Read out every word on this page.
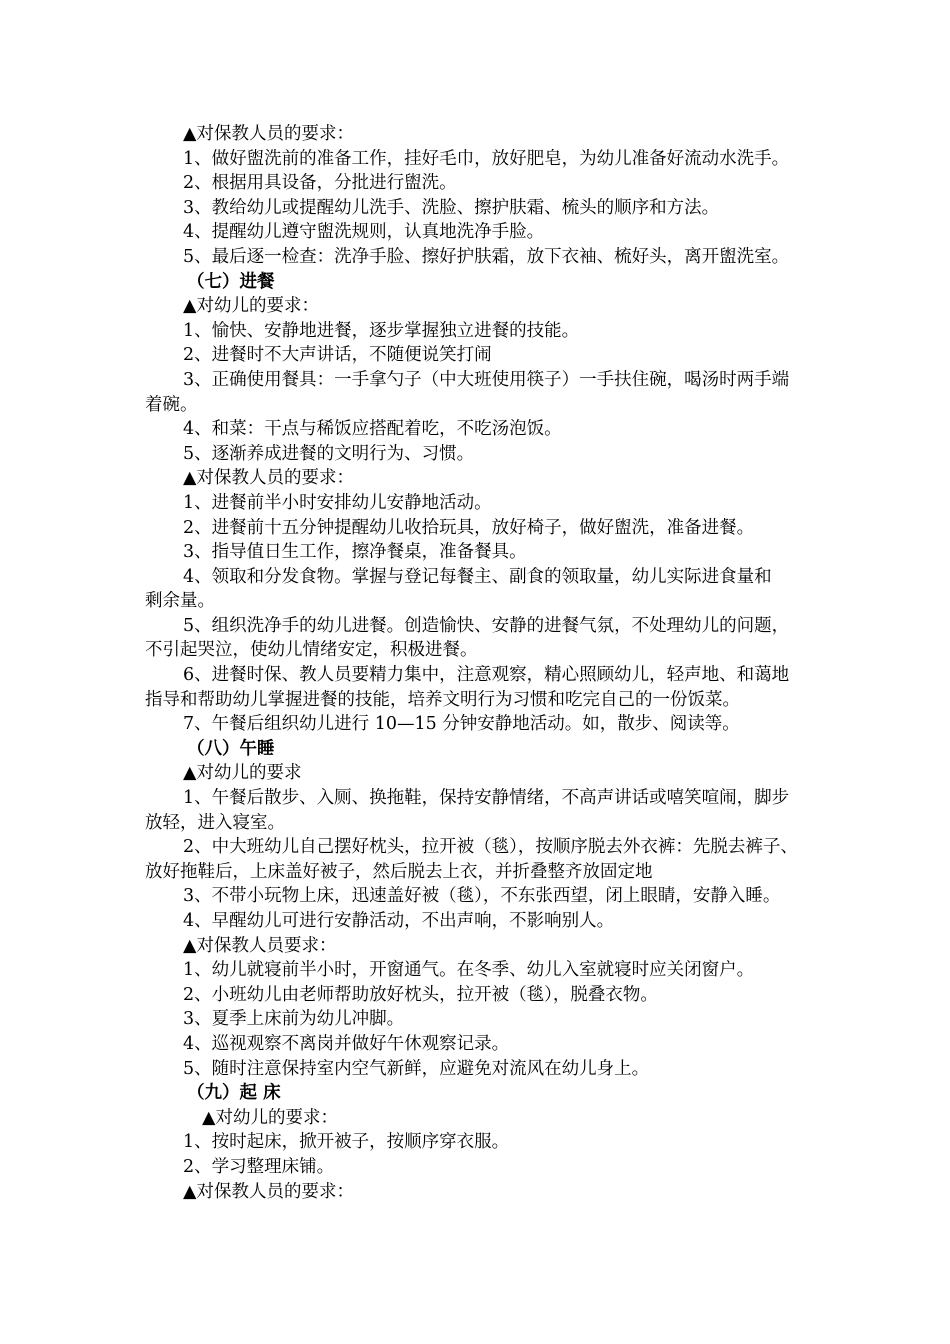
▲对保教人员的要求：
1、做好盥洗前的准备工作，挂好毛巾，放好肥皂，为幼儿准备好流动水洗手。
2、根据用具设备，分批进行盥洗。
3、教给幼儿或提醒幼儿洗手、洗脸、擦护肤霜、梳头的顺序和方法。
4、提醒幼儿遵守盥洗规则，认真地洗净手脸。
5、最后逐一检查：洗净手脸、擦好护肤霜，放下衣袖、梳好头，离开盥洗室。
（七）进餐
▲对幼儿的要求：
1、愉快、安静地进餐，逐步掌握独立进餐的技能。
2、进餐时不大声讲话，不随便说笑打闹
3、正确使用餐具：一手拿勺子（中大班使用筷子）一手扶住碗，喝汤时两手端
着碗。
4、和菜：干点与稀饭应搭配着吃，不吃汤泡饭。
5、逐渐养成进餐的文明行为、习惯。
▲对保教人员的要求：
1、进餐前半小时安排幼儿安静地活动。
2、进餐前十五分钟提醒幼儿收拾玩具，放好椅子，做好盥洗，准备进餐。
3、指导值日生工作，擦净餐桌，准备餐具。
4、领取和分发食物。掌握与登记每餐主、副食的领取量，幼儿实际进食量和
剩余量。
5、组织洗净手的幼儿进餐。创造愉快、安静的进餐气氛，不处理幼儿的问题，
不引起哭泣，使幼儿情绪安定，积极进餐。
6、进餐时保、教人员要精力集中，注意观察，精心照顾幼儿，轻声地、和蔼地
指导和帮助幼儿掌握进餐的技能，培养文明行为习惯和吃完自己的一份饭菜。
7、午餐后组织幼儿进行 10—15 分钟安静地活动。如，散步、阅读等。
（八）午睡
▲对幼儿的要求
1、午餐后散步、入厕、换拖鞋，保持安静情绪，不高声讲话或嘻笑喧闹，脚步
放轻，进入寝室。
2、中大班幼儿自己摆好枕头，拉开被（毯），按顺序脱去外衣裤：先脱去裤子、
放好拖鞋后，上床盖好被子，然后脱去上衣，并折叠整齐放固定地
3、不带小玩物上床，迅速盖好被（毯），不东张西望，闭上眼睛，安静入睡。
4、早醒幼儿可进行安静活动，不出声响，不影响别人。
▲对保教人员要求：
1、幼儿就寝前半小时，开窗通气。在冬季、幼儿入室就寝时应关闭窗户。
2、小班幼儿由老师帮助放好枕头，拉开被（毯），脱叠衣物。
3、夏季上床前为幼儿冲脚。
4、巡视观察不离岗并做好午休观察记录。
5、随时注意保持室内空气新鲜，应避免对流风在幼儿身上。
（九）起 床
▲对幼儿的要求：
1、按时起床，掀开被子，按顺序穿衣服。
2、学习整理床铺。
▲对保教人员的要求：
